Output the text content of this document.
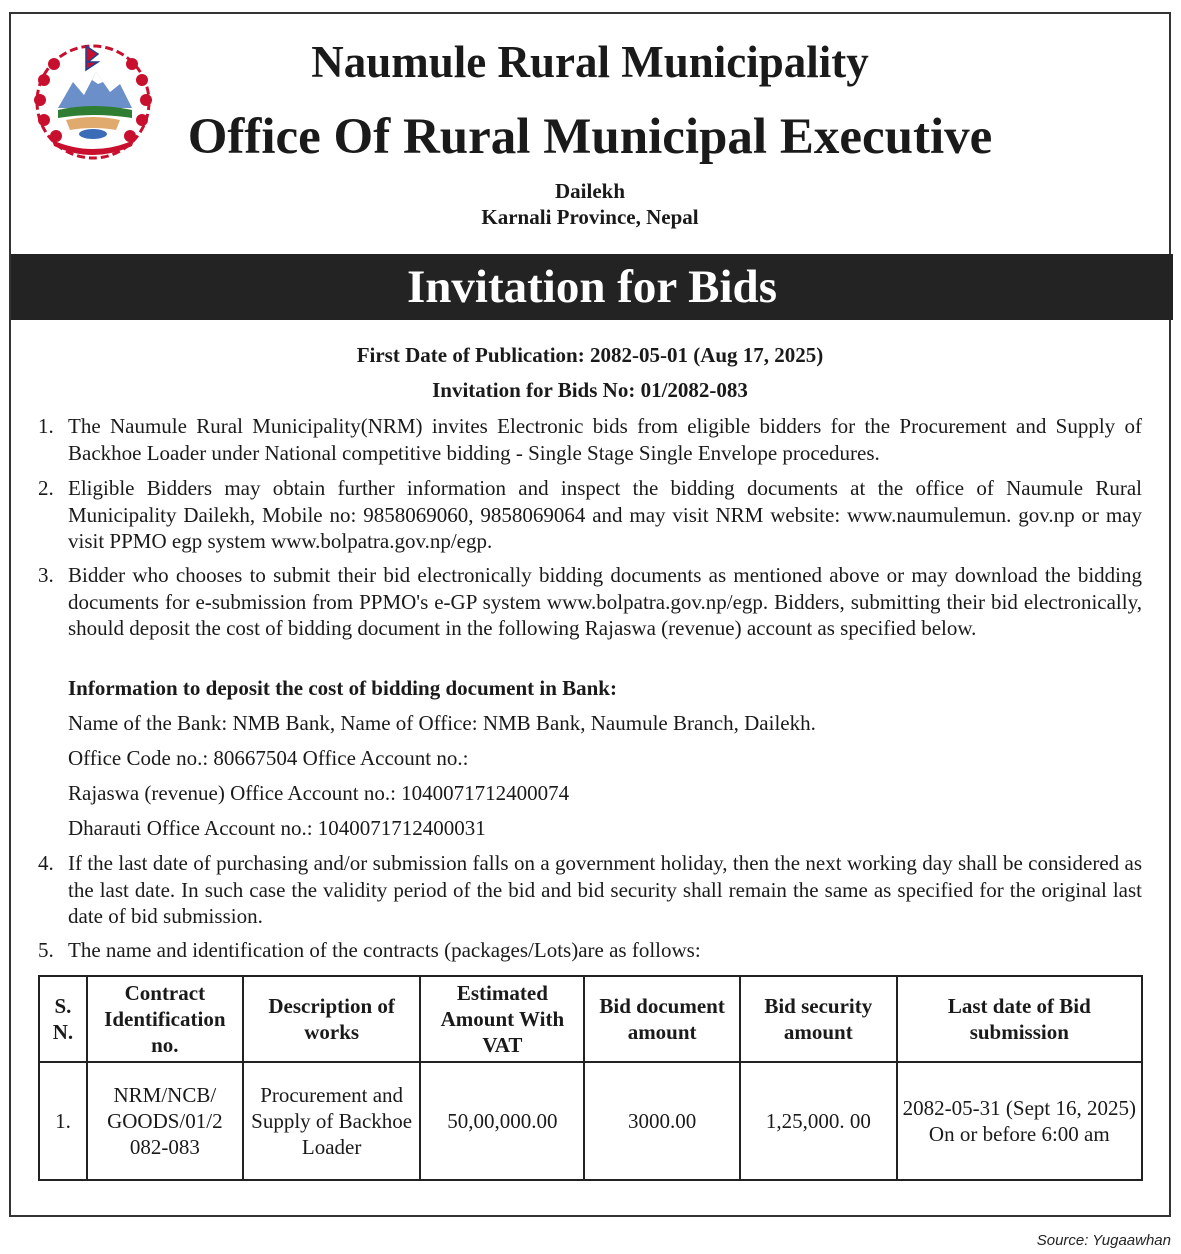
Naumule Rural Municipality
Office Of Rural Municipal Executive
Dailekh
Karnali Province, Nepal
Invitation for Bids
First Date of Publication: 2082-05-01 (Aug 17, 2025)
Invitation for Bids No: 01/2082-083
1. The Naumule Rural Municipality(NRM) invites Electronic bids from eligible bidders for the Procurement and Supply of Backhoe Loader under National competitive bidding - Single Stage Single Envelope procedures.
2. Eligible Bidders may obtain further information and inspect the bidding documents at the office of Naumule Rural Municipality Dailekh, Mobile no: 9858069060, 9858069064 and may visit NRM website: www.naumulemun. gov.np or may visit PPMO egp system www.bolpatra.gov.np/egp.
3. Bidder who chooses to submit their bid electronically bidding documents as mentioned above or may download the bidding documents for e-submission from PPMO's e-GP system www.bolpatra.gov.np/egp. Bidders, submitting their bid electronically, should deposit the cost of bidding document in the following Rajaswa (revenue) account as specified below.
Information to deposit the cost of bidding document in Bank:
Name of the Bank: NMB Bank, Name of Office: NMB Bank, Naumule Branch, Dailekh.
Office Code no.: 80667504 Office Account no.:
Rajaswa (revenue) Office Account no.: 1040071712400074
Dharauti Office Account no.: 1040071712400031
4. If the last date of purchasing and/or submission falls on a government holiday, then the next working day shall be considered as the last date. In such case the validity period of the bid and bid security shall remain the same as specified for the original last date of bid submission.
5. The name and identification of the contracts (packages/Lots)are as follows:
S. N.	Contract Identification no.	Description of works	Estimated Amount With VAT	Bid document amount	Bid security amount	Last date of Bid submission
1.	NRM/NCB/ GOODS/01/2 082-083	Procurement and Supply of Backhoe Loader	50,00,000.00	3000.00	1,25,000. 00	2082-05-31 (Sept 16, 2025) On or before 6:00 am
Source: Yugaawhan
